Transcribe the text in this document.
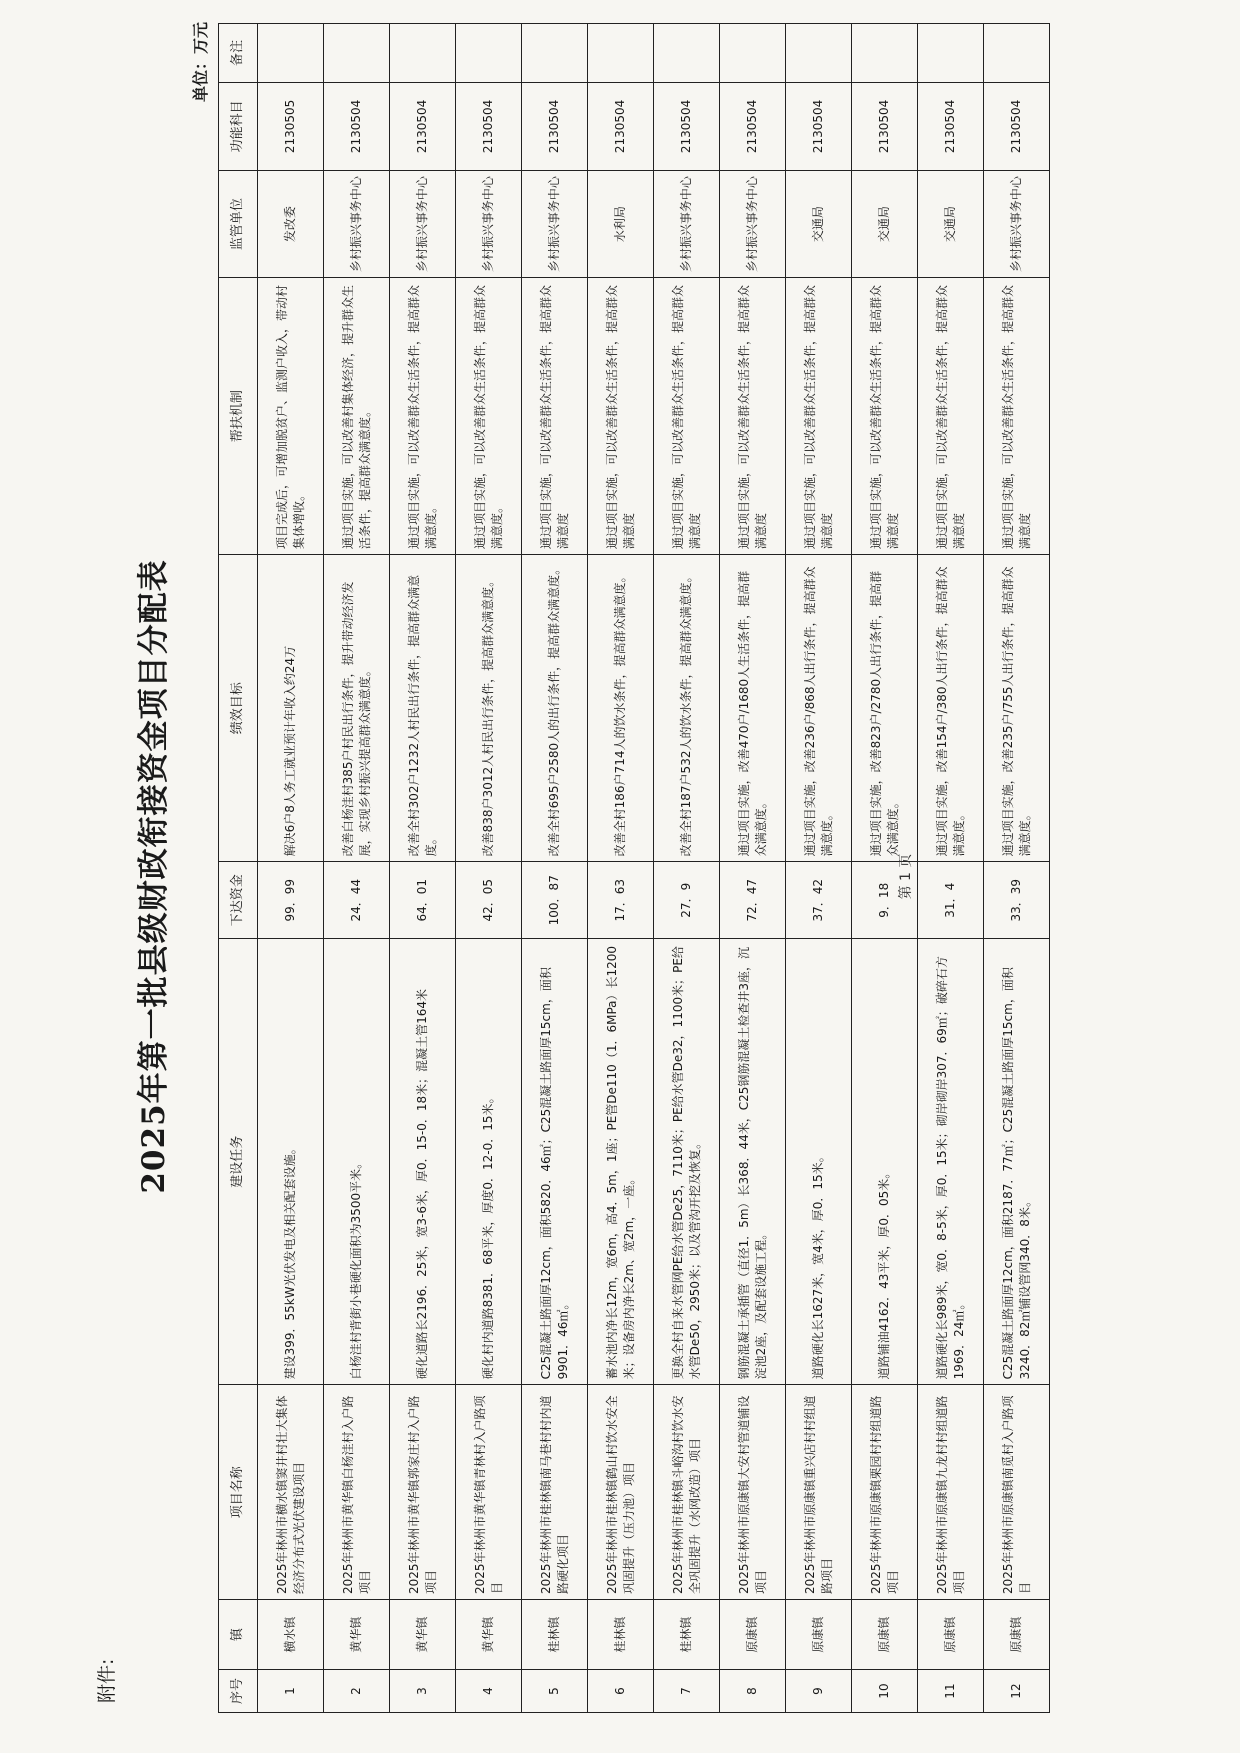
附件:
2025年第一批县级财政衔接资金项目分配表
单位：万元
序号	镇	项目名称	建设任务	下达资金	绩效目标	帮扶机制	监管单位	功能科目	备注
1	横水镇	2025年林州市横水镇窦井村壮大集体经济分布式光伏建设项目	建设399．55kW光伏发电及相关配套设施。	99．99	解决6户8人务工就业预计年收入约24万	项目完成后，可增加脱贫户、监测户收入，带动村集体增收。	发改委	2130505	
2	黄华镇	2025年林州市黄华镇白杨洼村入户路项目	白杨洼村背街小巷硬化面积为3500平米。	24．44	改善白杨洼村385户村民出行条件，提升带动经济发展，实现乡村振兴提高群众满意度。	通过项目实施，可以改善村集体经济，提升群众生活条件，提高群众满意度。	乡村振兴事务中心	2130504	
3	黄华镇	2025年林州市黄华镇郭家庄村入户路项目	硬化道路长2196．25米，宽3-6米，厚0．15-0．18米；混凝土管164米	64．01	改善全村302户1232人村民出行条件，提高群众满意度。	通过项目实施，可以改善群众生活条件，提高群众满意度。	乡村振兴事务中心	2130504	
4	黄华镇	2025年林州市黄华镇青林村入户路项目	硬化村内道路8381．68平米，厚度0．12-0．15米。	42．05	改善838户3012人村民出行条件，提高群众满意度。	通过项目实施，可以改善群众生活条件，提高群众满意度。	乡村振兴事务中心	2130504	
5	桂林镇	2025年林州市桂林镇南马巷村村内道路硬化项目	C25混凝土路面厚12cm，面积5820．46㎡；C25混凝土路面厚15cm，面积9901．46㎡。	100．87	改善全村695户2580人的出行条件，提高群众满意度。	通过项目实施，可以改善群众生活条件，提高群众满意度	乡村振兴事务中心	2130504	
6	桂林镇	2025年林州市桂林镇鹤山村饮水安全巩固提升（压力池）项目	蓄水池内净长12m，宽6m，高4．5m，1座；PE管De110（1．6MPa）长1200米；设备房内净长2m、宽2m，一座。	17．63	改善全村186户714人的饮水条件，提高群众满意度。	通过项目实施，可以改善群众生活条件，提高群众满意度	水利局	2130504	
7	桂林镇	2025年林州市桂林镇斗峪沟村饮水安全巩固提升（水网改造）项目	更换全村自来水管网PE给水管De25，7110米；PE给水管De32，1100米；PE给水管De50，2950米；以及管沟开挖及恢复。	27．9	改善全村187户532人的饮水条件，提高群众满意度。	通过项目实施，可以改善群众生活条件，提高群众满意度	乡村振兴事务中心	2130504	
8	原康镇	2025年林州市原康镇大安村管道铺设项目	钢筋混凝土承插管（直径1．5m）长368．44米，C25钢筋混凝土检查井3座，沉淀池2座，及配套设施工程。	72．47	通过项目实施，改善470户/1680人生活条件，提高群众满意度。	通过项目实施，可以改善群众生活条件，提高群众满意度	乡村振兴事务中心	2130504	
9	原康镇	2025年林州市原康镇重兴店村村组道路项目	道路硬化长1627米，宽4米，厚0．15米。	37．42	通过项目实施，改善236户/868人出行条件，提高群众满意度。	通过项目实施，可以改善群众生活条件，提高群众满意度	交通局	2130504	
10	原康镇	2025年林州市原康镇栗园村村组道路项目	道路铺油4162．43平米，厚0．05米。	9．18	通过项目实施，改善823户/2780人出行条件，提高群众满意度。	通过项目实施，可以改善群众生活条件，提高群众满意度	交通局	2130504	
11	原康镇	2025年林州市原康镇九龙村村组道路项目	道路硬化长989米，宽0．8-5米，厚0．15米；砌岸砌岸307．69㎡；破碎石方1969．24㎡。	31．4	通过项目实施，改善154户/380人出行条件，提高群众满意度。	通过项目实施，可以改善群众生活条件，提高群众满意度	交通局	2130504	
12	原康镇	2025年林州市原康镇南觅村入户路项目	C25混凝土路面厚12cm，面积2187．77㎡；C25混凝土路面厚15cm，面积3240．82㎡铺设管网340．8米。	33．39	通过项目实施，改善235户/755人出行条件，提高群众满意度。	通过项目实施，可以改善群众生活条件，提高群众满意度	乡村振兴事务中心	2130504	
第 1 页
